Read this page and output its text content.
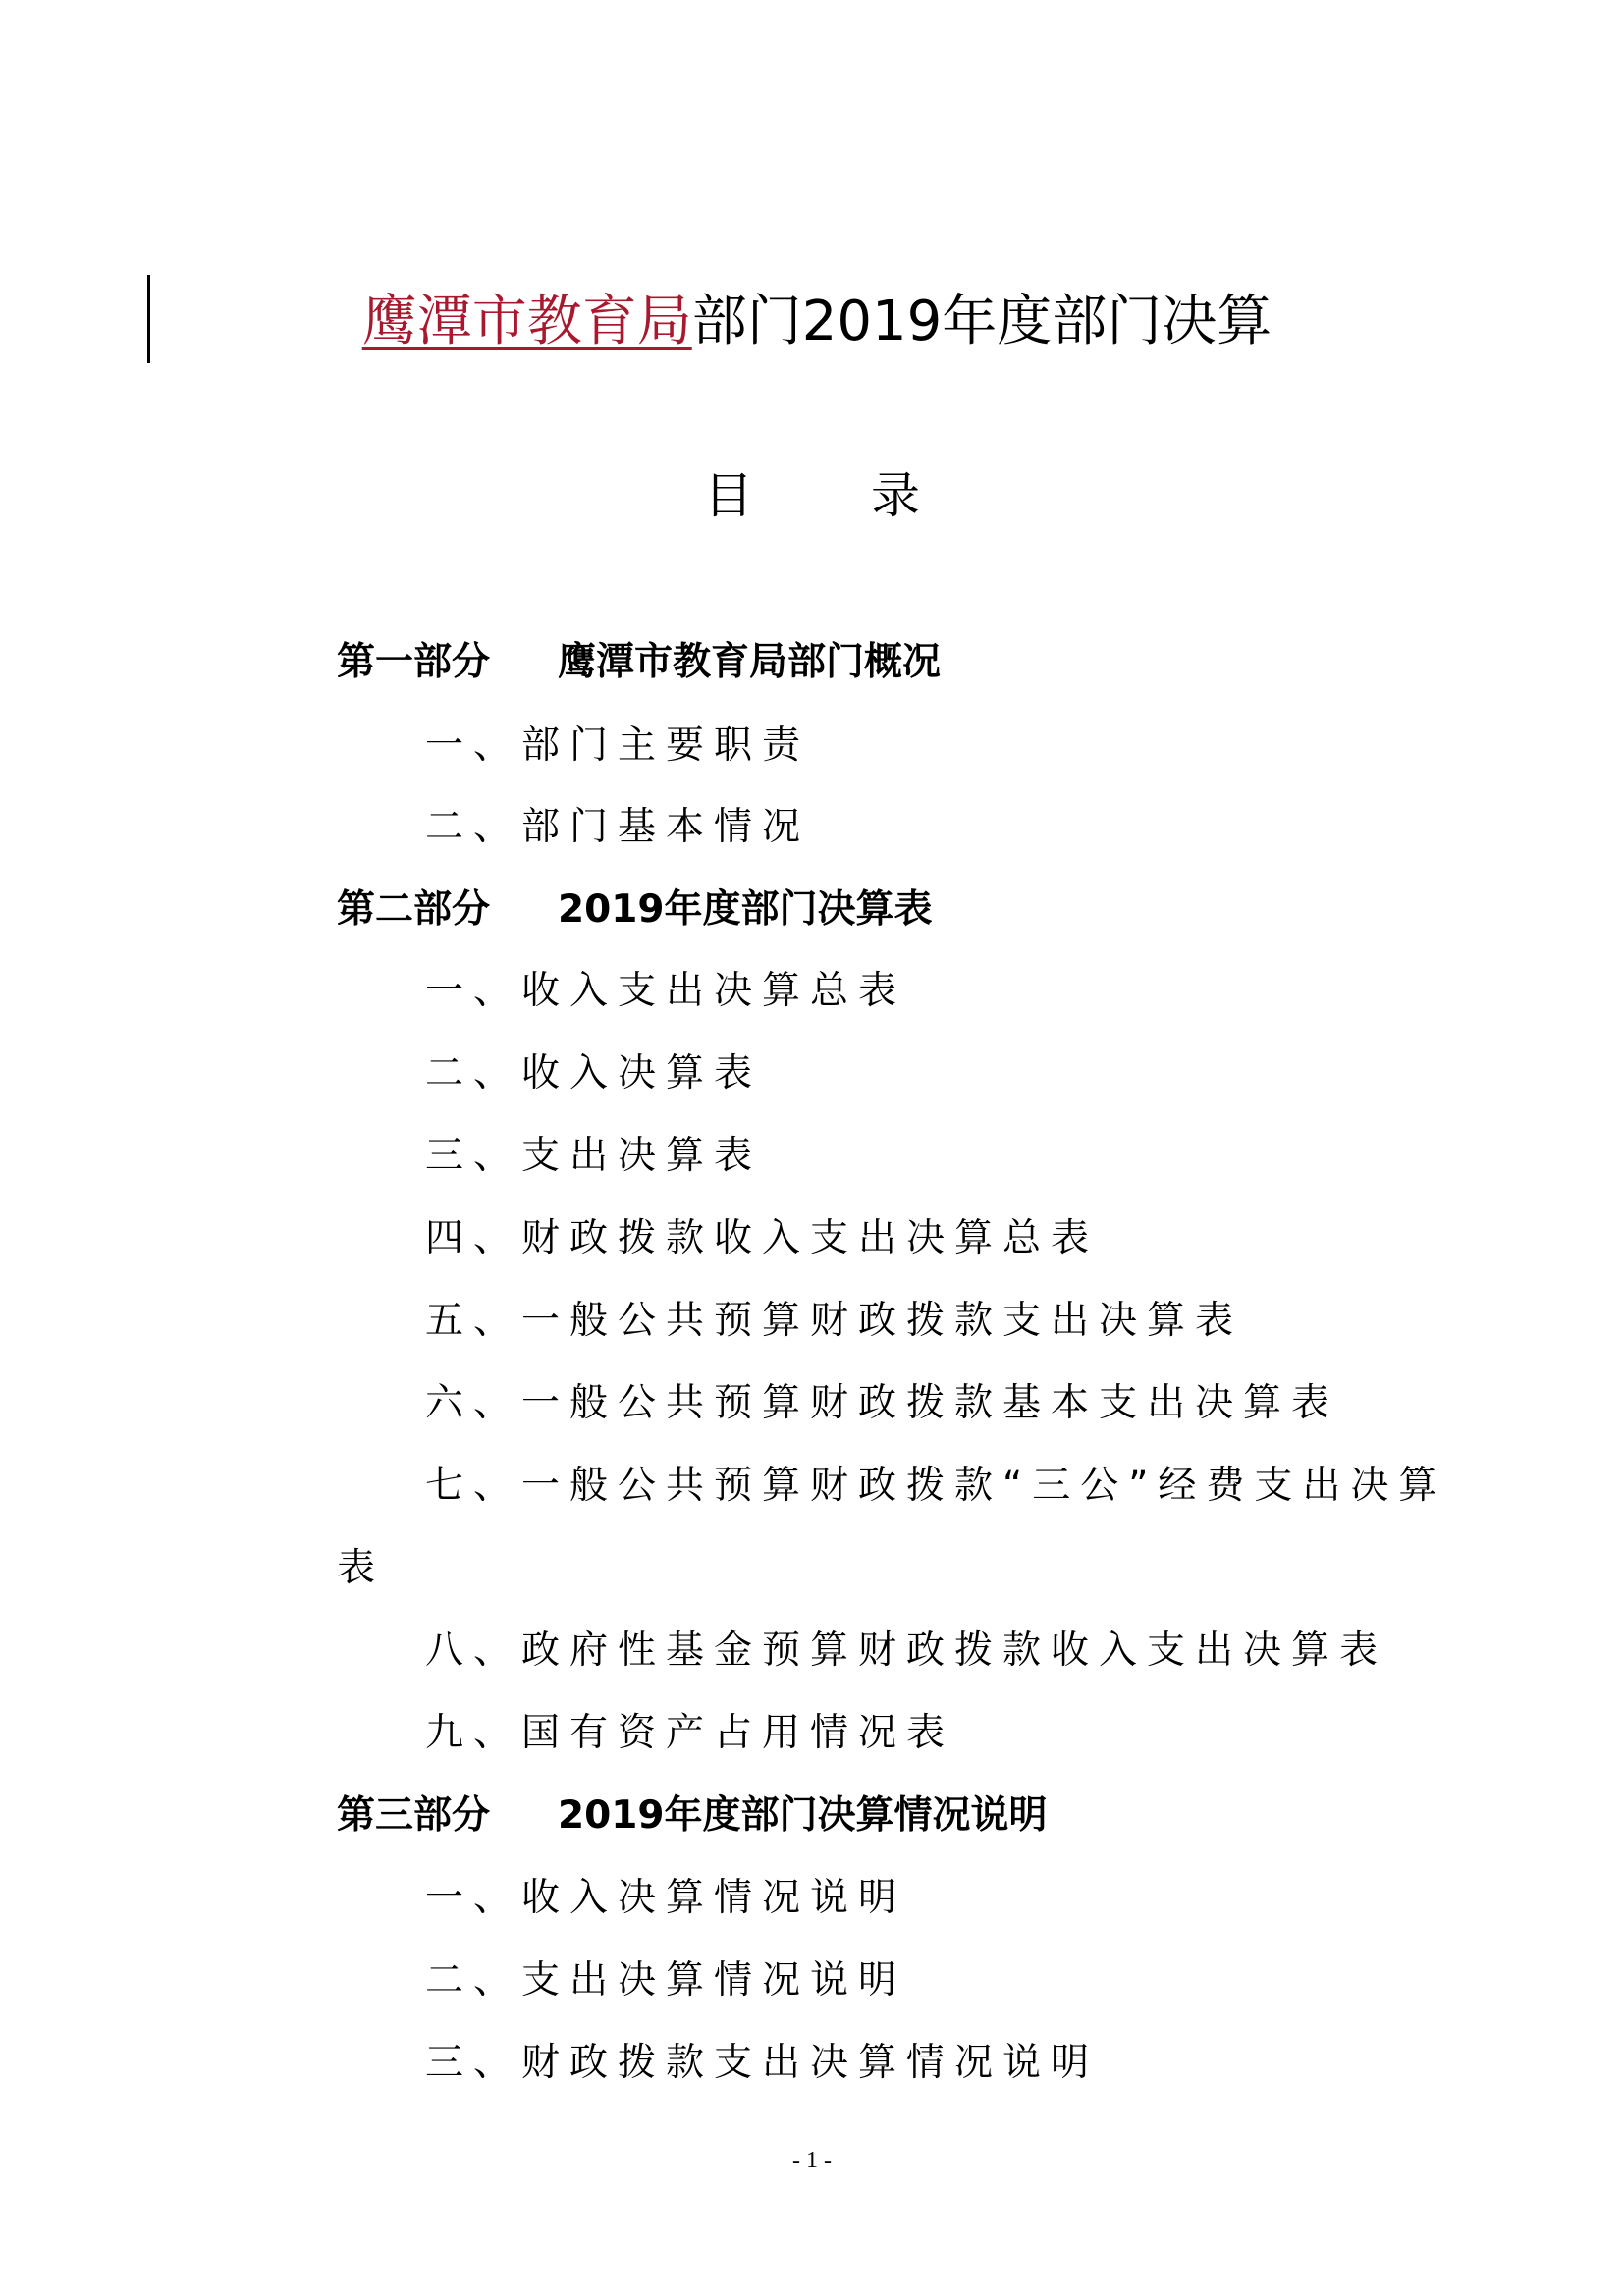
鹰潭市教育局部门2019年度部门决算
目录
第一部分 鹰潭市教育局部门概况
一、部门主要职责
二、部门基本情况
第二部分 2019年度部门决算表
一、收入支出决算总表
二、收入决算表
三、支出决算表
四、财政拨款收入支出决算总表
五、一般公共预算财政拨款支出决算表
六、一般公共预算财政拨款基本支出决算表
七、一般公共预算财政拨款“三公”经费支出决算
表
八、政府性基金预算财政拨款收入支出决算表
九、国有资产占用情况表
第三部分 2019年度部门决算情况说明
一、收入决算情况说明
二、支出决算情况说明
三、财政拨款支出决算情况说明
- 1 -
